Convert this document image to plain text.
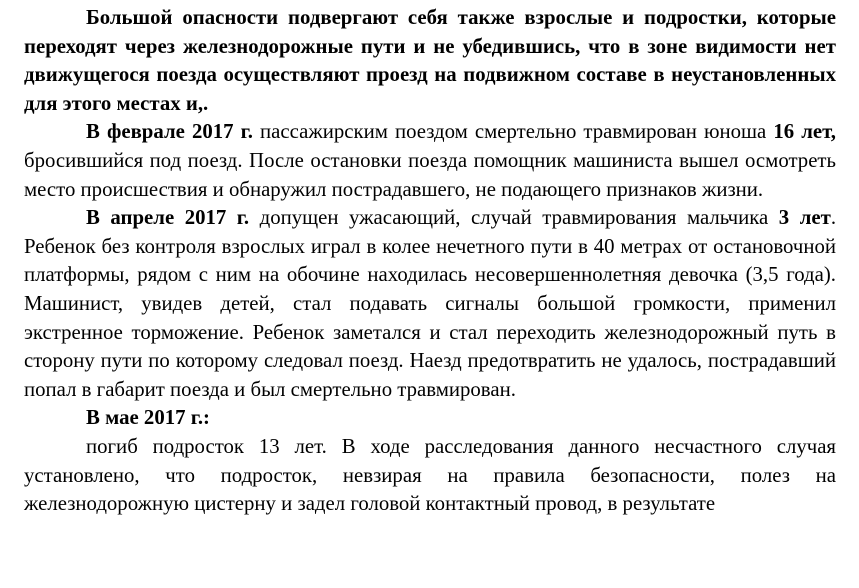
Большой опасности подвергают себя также взрослые и подростки, которые переходят через железнодорожные пути и не убедившись, что в зоне видимости нет движущегося поезда осуществляют проезд на подвижном составе в неустановленных для этого местах и,.

В феврале 2017 г. пассажирским поездом смертельно травмирован юноша 16 лет, бросившийся под поезд. После остановки поезда помощник машиниста вышел осмотреть место происшествия и обнаружил пострадавшего, не подающего признаков жизни.

В апреле 2017 г. допущен ужасающий, случай травмирования мальчика 3 лет. Ребенок без контроля взрослых играл в колее нечетного пути в 40 метрах от остановочной платформы, рядом с ним на обочине находилась несовершеннолетняя девочка (3,5 года). Машинист, увидев детей, стал подавать сигналы большой громкости, применил экстренное торможение. Ребенок заметался и стал переходить железнодорожный путь в сторону пути по которому следовал поезд. Наезд предотвратить не удалось, пострадавший попал в габарит поезда и был смертельно травмирован.

В мае 2017 г.:

погиб подросток 13 лет. В ходе расследования данного несчастного случая установлено, что подросток, невзирая на правила безопасности, полез на железнодорожную цистерну и задел головой контактный провод, в результате
